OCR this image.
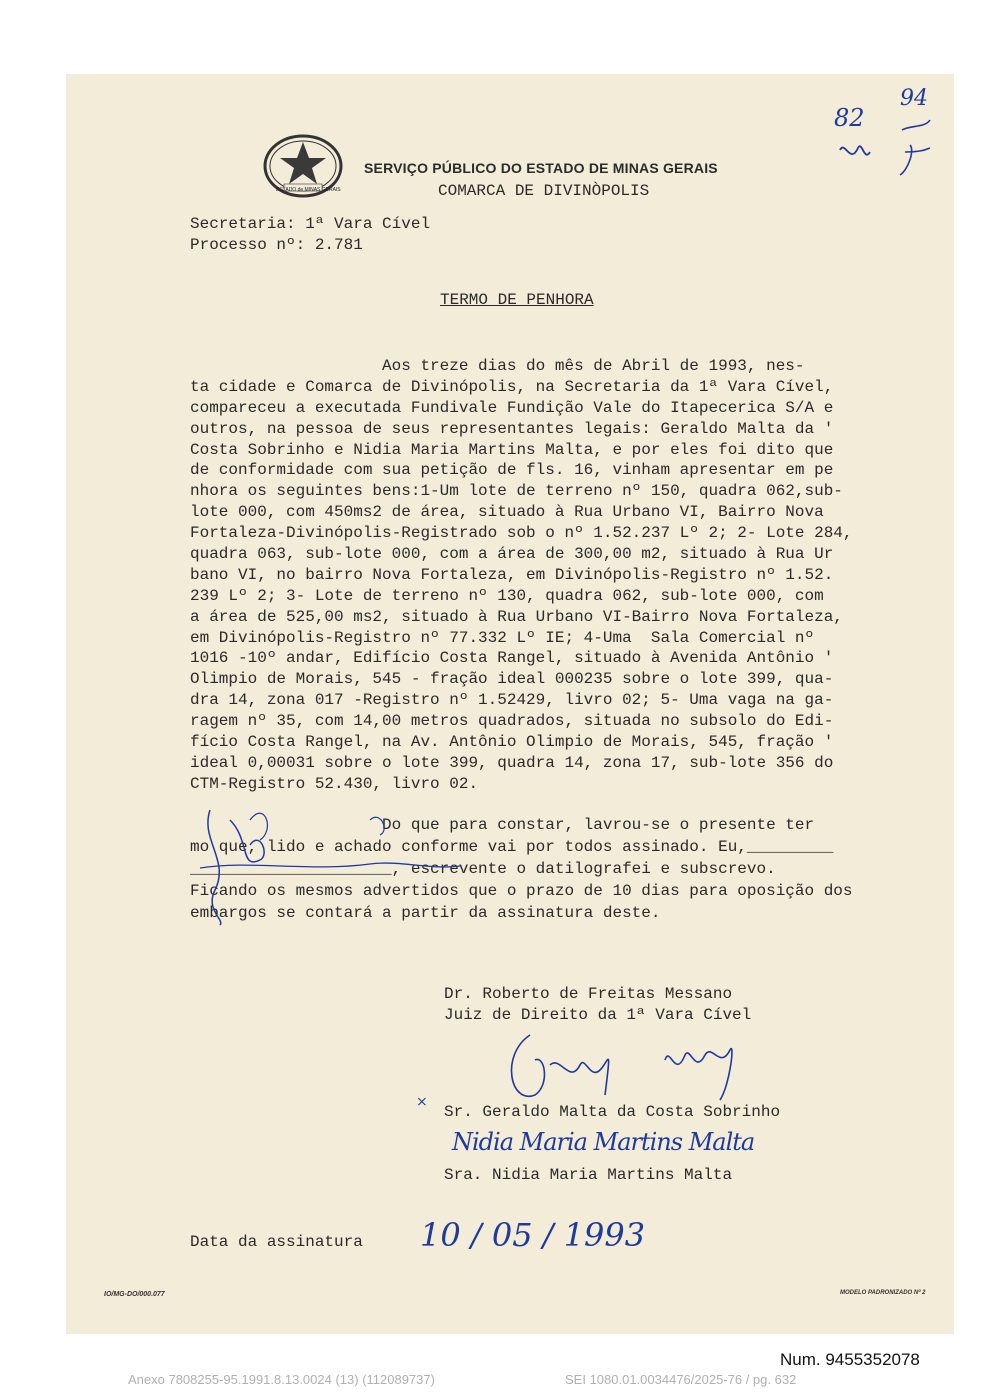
ESTADO de MINAS GERAIS
SERVIÇO PÚBLICO DO ESTADO DE MINAS GERAIS
COMARCA DE DIVINÒPOLIS
Secretaria: 1ª Vara Cível
Processo nº: 2.781
TERMO DE PENHORA
Aos treze dias do mês de Abril de 1993, nes-
ta cidade e Comarca de Divinópolis, na Secretaria da 1ª Vara Cível,
compareceu a executada Fundivale Fundição Vale do Itapecerica S/A e
outros, na pessoa de seus representantes legais: Geraldo Malta da '
Costa Sobrinho e Nidia Maria Martins Malta, e por eles foi dito que
de conformidade com sua petição de fls. 16, vinham apresentar em pe
nhora os seguintes bens:1-Um lote de terreno nº 150, quadra 062,sub-
lote 000, com 450ms2 de área, situado à Rua Urbano VI, Bairro Nova
Fortaleza-Divinópolis-Registrado sob o nº 1.52.237 Lº 2; 2- Lote 284,
quadra 063, sub-lote 000, com a área de 300,00 m2, situado à Rua Ur
bano VI, no bairro Nova Fortaleza, em Divinópolis-Registro nº 1.52.
239 Lº 2; 3- Lote de terreno nº 130, quadra 062, sub-lote 000, com
a área de 525,00 ms2, situado à Rua Urbano VI-Bairro Nova Fortaleza,
em Divinópolis-Registro nº 77.332 Lº IE; 4-Uma  Sala Comercial nº
1016 -10º andar, Edifício Costa Rangel, situado à Avenida Antônio '
Olimpio de Morais, 545 - fração ideal 000235 sobre o lote 399, qua-
dra 14, zona 017 -Registro nº 1.52429, livro 02; 5- Uma vaga na ga-
ragem nº 35, com 14,00 metros quadrados, situada no subsolo do Edi-
fício Costa Rangel, na Av. Antônio Olimpio de Morais, 545, fração '
ideal 0,00031 sobre o lote 399, quadra 14, zona 17, sub-lote 356 do
CTM-Registro 52.430, livro 02.
Do que para constar, lavrou-se o presente ter
mo que, lido e achado conforme vai por todos assinado. Eu,_________
_____________________, escrevente o datilografei e subscrevo.
Ficando os mesmos advertidos que o prazo de 10 dias para oposição dos
embargos se contará a partir da assinatura deste.
Dr. Roberto de Freitas Messano
Juiz de Direito da 1ª Vara Cível
Sr. Geraldo Malta da Costa Sobrinho
×
Nidia Maria Martins Malta
Sra. Nidia Maria Martins Malta
Data da assinatura 10 / 05 / 1993
82
94
IO/MG-DO/000.077	MODELO PADRONIZADO Nº 2
Num. 9455352078
Anexo 7808255-95.1991.8.13.0024 (13) (112089737)	SEI 1080.01.0034476/2025-76 / pg. 632
